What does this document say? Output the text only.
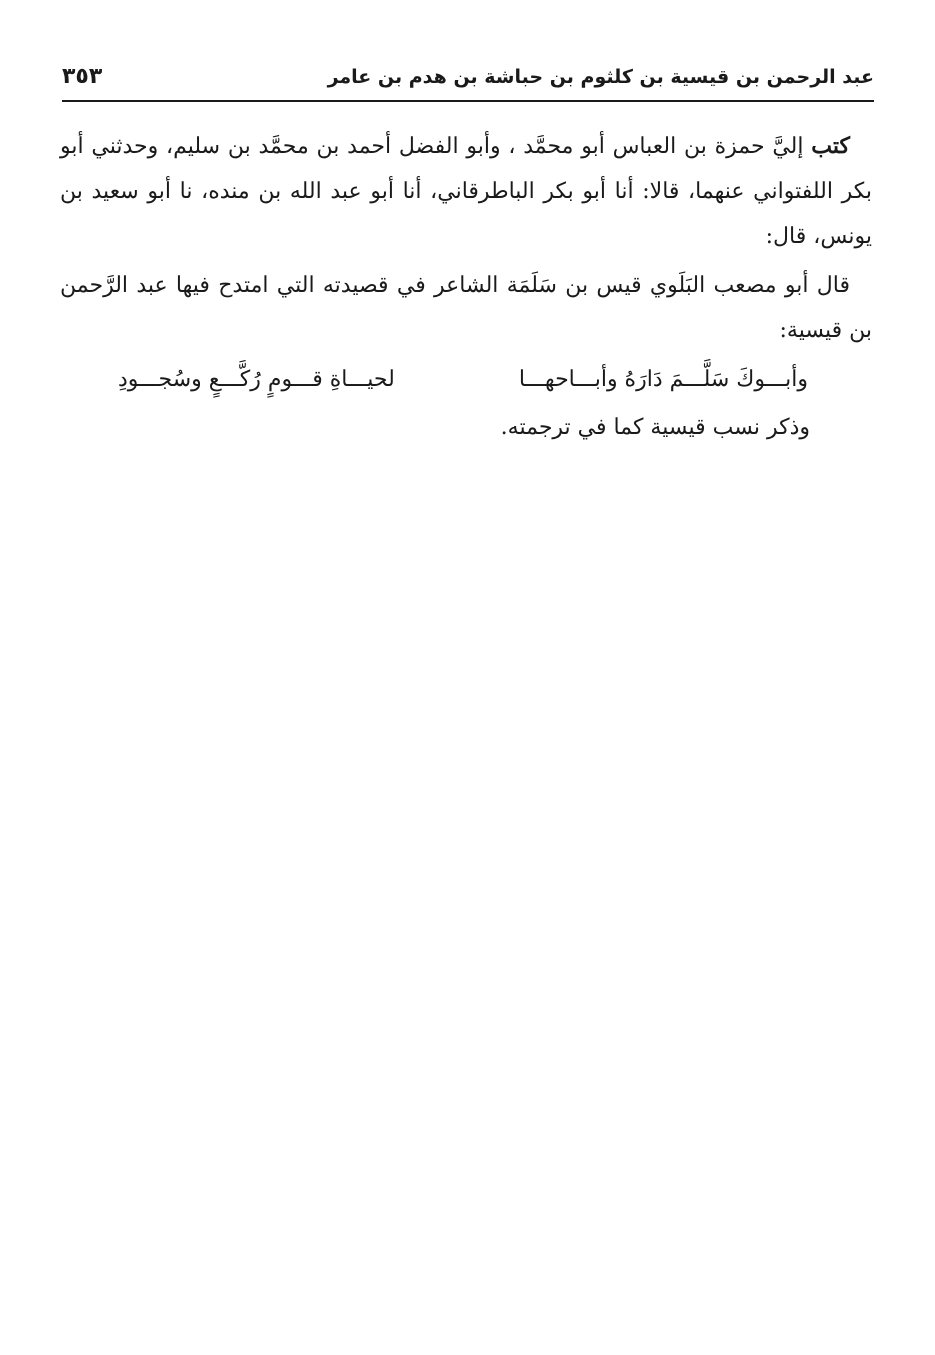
عبد الرحمن بن قيسية بن كلثوم بن حباشة بن هدم بن عامر
٣٥٣

كتب إليَّ حمزة بن العباس أبو محمَّد ، وأبو الفضل أحمد بن محمَّد بن سليم، وحدثني أبو بكر اللفتواني عنهما، قالا: أنا أبو بكر الباطرقاني، أنا أبو عبد الله بن منده، نا أبو سعيد بن يونس، قال:

قال أبو مصعب البَلَوي قيس بن سَلَمَة الشاعر في قصيدته التي امتدح فيها عبد الرَّحمن بن قيسية:

وأبـــوكَ سَلَّـــمَ دَارَهُ وأبـــاحهـــا
لحيـــاةِ قـــومٍ رُكَّـــعٍ وسُجـــودِ

وذكر نسب قيسية كما في ترجمته.
